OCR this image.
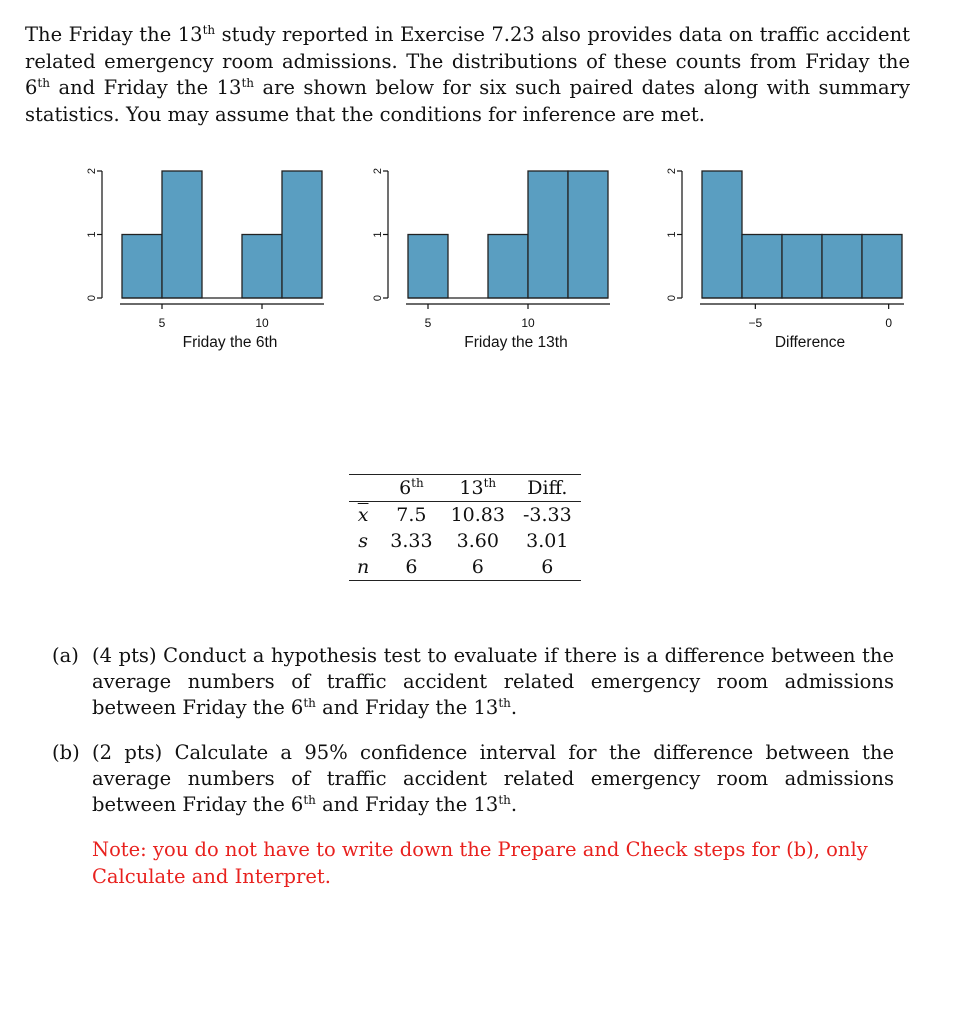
The Friday the 13th study reported in Exercise 7.23 also provides data on traffic accident related emergency room admissions. The distributions of these counts from Friday the 6th and Friday the 13th are shown below for six such paired dates along with summary statistics. You may assume that the conditions for inference are met.

0
1
2
5	10
Friday the 6th
0
1
2
5	10
Friday the 13th
0
1
2
−5	0
Difference
	6th	13th	Diff.
$\overline{x}$	7.5	10.83	-3.33
s	3.33	3.60	3.01
n	6	6	6
(a) (4 pts) Conduct a hypothesis test to evaluate if there is a difference between the average numbers of traffic accident related emergency room admissions between Friday the 6th and Friday the 13th.
(b) (2 pts) Calculate a 95% confidence interval for the difference between the average numbers of traffic accident related emergency room admissions between Friday the 6th and Friday the 13th.
Note: you do not have to write down the Prepare and Check steps for (b), only Calculate and Interpret.
